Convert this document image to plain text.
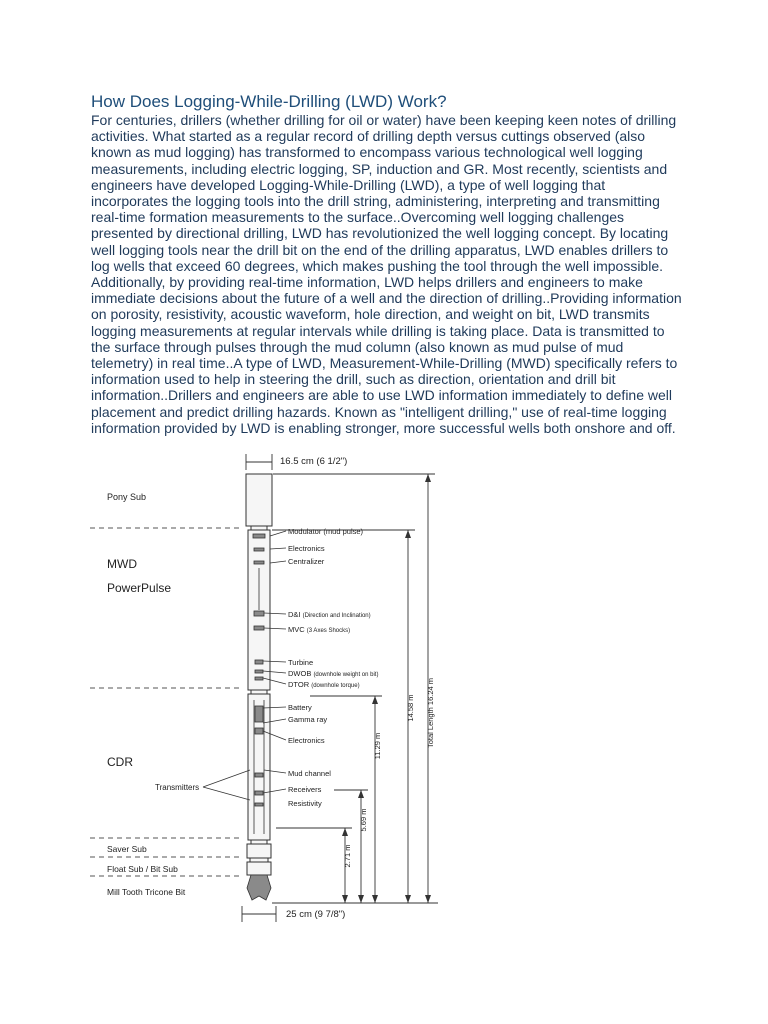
How Does Logging-While-Drilling (LWD) Work?
For centuries, drillers (whether drilling for oil or water) have been keeping keen notes of drilling
activities. What started as a regular record of drilling depth versus cuttings observed (also
known as mud logging) has transformed to encompass various technological well logging
measurements, including electric logging, SP, induction and GR. Most recently, scientists and
engineers have developed Logging-While-Drilling (LWD), a type of well logging that
incorporates the logging tools into the drill string, administering, interpreting and transmitting
real-time formation measurements to the surface..Overcoming well logging challenges
presented by directional drilling, LWD has revolutionized the well logging concept. By locating
well logging tools near the drill bit on the end of the drilling apparatus, LWD enables drillers to
log wells that exceed 60 degrees, which makes pushing the tool through the well impossible.
Additionally, by providing real-time information, LWD helps drillers and engineers to make
immediate decisions about the future of a well and the direction of drilling..Providing information
on porosity, resistivity, acoustic waveform, hole direction, and weight on bit, LWD transmits
logging measurements at regular intervals while drilling is taking place. Data is transmitted to
the surface through pulses through the mud column (also known as mud pulse of mud
telemetry) in real time..A type of LWD, Measurement-While-Drilling (MWD) specifically refers to
information used to help in steering the drill, such as direction, orientation and drill bit
information..Drillers and engineers are able to use LWD information immediately to define well
placement and predict drilling hazards. Known as "intelligent drilling," use of real-time logging
information provided by LWD is enabling stronger, more successful wells both onshore and off.
16.5 cm (6 1/2")
25 cm (9 7/8")
Pony Sub
MWD
PowerPulse
CDR
Transmitters
Saver Sub
Float Sub / Bit Sub
Mill Tooth Tricone Bit
Modulator (mud pulse)
Electronics
Centralizer
D&I (Direction and Inclination)
MVC (3 Axes Shocks)
Turbine
DWOB (downhole weight on bit)
DTOR (downhole torque)
Battery
Gamma ray
Electronics
Mud channel
Receivers
Resistivity
Total Length 16.24 m
14.58 m
11.29 m
5.69 m
2.71 m
